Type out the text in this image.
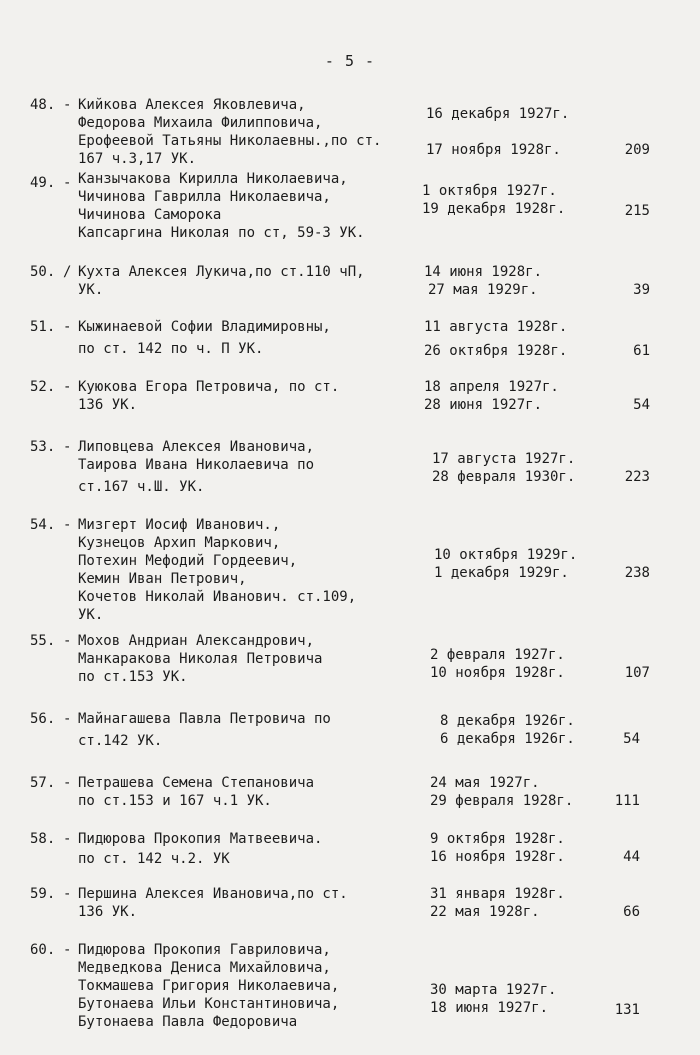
- 5 -
48. - Кийкова Алексея Яковлевича,
Федорова Михаила Филипповича,
Ерофеевой Татьяны Николаевны.,по ст.
167 ч.3,17 УК.
16 декабря 1927г.
17 ноября 1928г.	209
49. - Канзычакова Кирилла Николаевича,
Чичинова Гаврилла Николаевича,
Чичинова Саморока
Капсаргина Николая по ст, 59-3 УК.
1 октября 1927г.
19 декабря 1928г.	215
50. / Кухта Алексея Лукича,по ст.110 чП,
УК.
14 июня 1928г.
27 мая 1929г.	39
51. - Кыжинаевой Софии Владимировны,
по ст. 142 по ч. П УК.
11 августа 1928г.
26 октября 1928г.	61
52. - Куюкова Егора Петровича, по ст.
136 УК.
18 апреля 1927г.
28 июня 1927г.	54
53. - Липовцева Алексея Ивановича,
Таирова Ивана Николаевича по
ст.167 ч.Ш. УК.
17 августа 1927г.
28 февраля 1930г.	223
54. - Мизгерт Иосиф Иванович.,
Кузнецов Архип Маркович,
Потехин Мефодий Гордеевич,
Кемин Иван Петрович,
Кочетов Николай Иванович. ст.109,
УК.
10 октября 1929г.
1 декабря 1929г.	238
55. - Мохов Андриан Александрович,
Манкаракова Николая Петровича
по ст.153 УК.
2 февраля 1927г.
10 ноября 1928г.	107
56. - Майнагашева Павла Петровича по
ст.142 УК.
8 декабря 1926г.
6 декабря 1926г.	54
57. - Петрашева Семена Степановича
по ст.153 и 167 ч.1 УК.
24 мая 1927г.
29 февраля 1928г.	111
58. - Пидюрова Прокопия Матвеевича.
по ст. 142 ч.2. УК
9 октября 1928г.
16 ноября 1928г.	44
59. - Першина Алексея Ивановича,по ст.
136 УК.
31 января 1928г.
22 мая 1928г.	66
60. - Пидюрова Прокопия Гавриловича,
Медведкова Дениса Михайловича,
Токмашева Григория Николаевича,
Бутонаева Ильи Константиновича,
Бутонаева Павла Федоровича
30 марта 1927г.
18 июня 1927г.	131
